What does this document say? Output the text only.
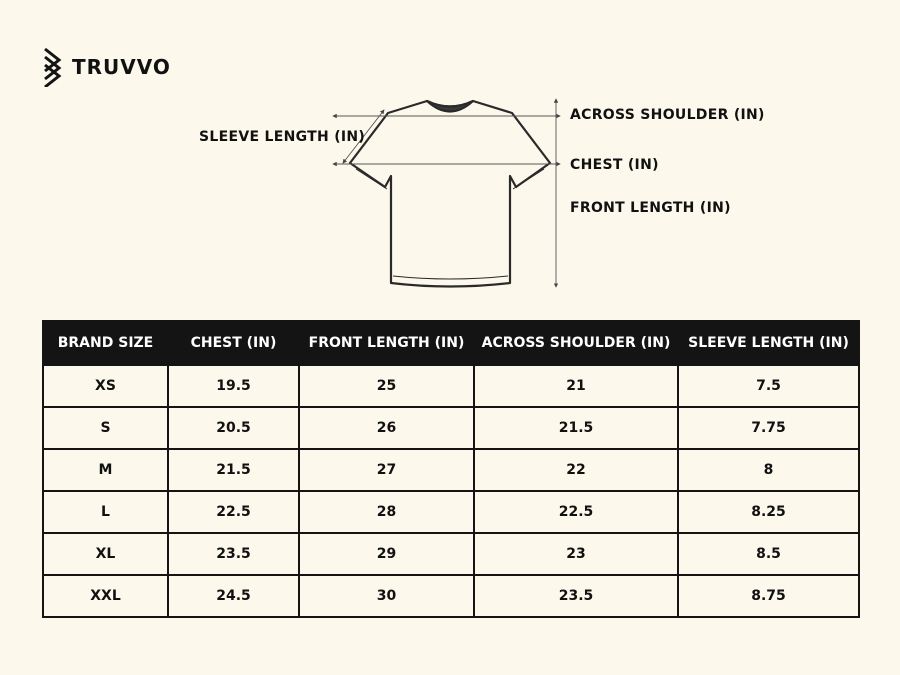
TRUVVO
SLEEVE LENGTH (IN)
ACROSS SHOULDER (IN)
CHEST (IN)
FRONT LENGTH (IN)
BRAND SIZE	CHEST (IN)	FRONT LENGTH (IN)	ACROSS SHOULDER (IN)	SLEEVE LENGTH (IN)
XS	19.5	25	21	7.5
S	20.5	26	21.5	7.75
M	21.5	27	22	8
L	22.5	28	22.5	8.25
XL	23.5	29	23	8.5
XXL	24.5	30	23.5	8.75
